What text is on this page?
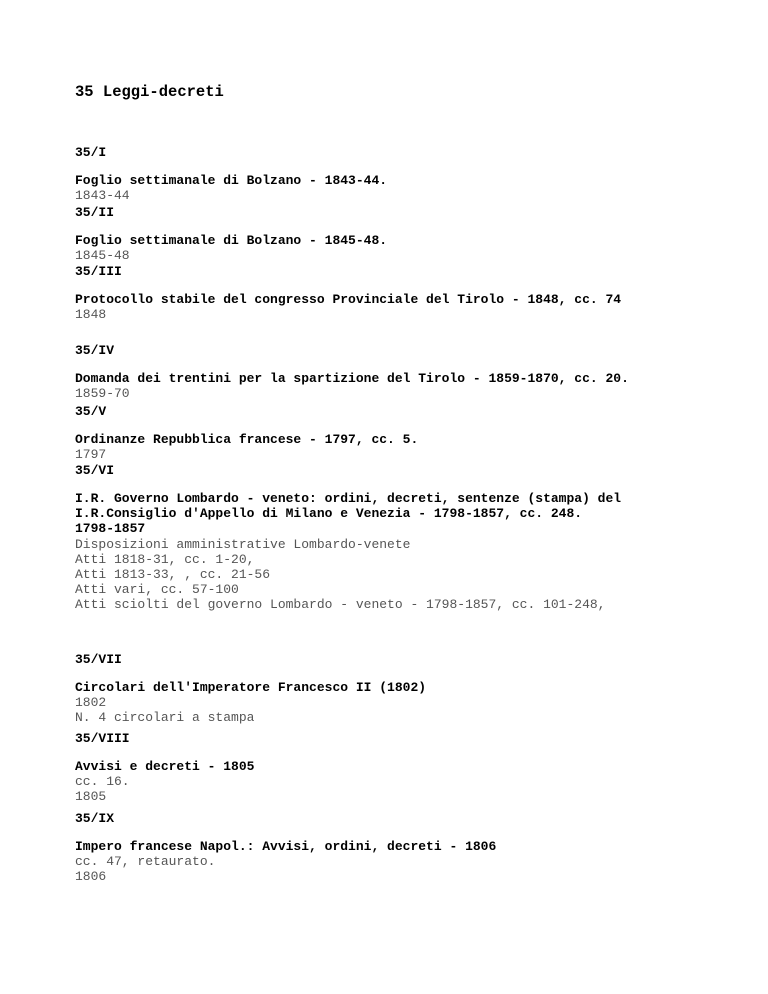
35 Leggi-decreti
35/I
Foglio settimanale di Bolzano - 1843-44.
1843-44
35/II
Foglio settimanale di Bolzano - 1845-48.
1845-48
35/III
Protocollo stabile del congresso Provinciale del Tirolo - 1848, cc. 74
1848
35/IV
Domanda dei trentini per la spartizione del Tirolo - 1859-1870, cc. 20.
1859-70
35/V
Ordinanze Repubblica francese - 1797, cc. 5.
1797
35/VI
I.R. Governo Lombardo - veneto: ordini, decreti, sentenze (stampa) del
I.R.Consiglio d'Appello di Milano e Venezia - 1798-1857, cc. 248.
1798-1857
Disposizioni amministrative Lombardo-venete
Atti 1818-31, cc. 1-20,
Atti 1813-33, , cc. 21-56
Atti vari, cc. 57-100
Atti sciolti del governo Lombardo - veneto - 1798-1857, cc. 101-248,
35/VII
Circolari dell'Imperatore Francesco II (1802)
1802
N. 4 circolari a stampa
35/VIII
Avvisi e decreti - 1805
cc. 16.
1805
35/IX
Impero francese Napol.: Avvisi, ordini, decreti - 1806
cc. 47, retaurato.
1806
